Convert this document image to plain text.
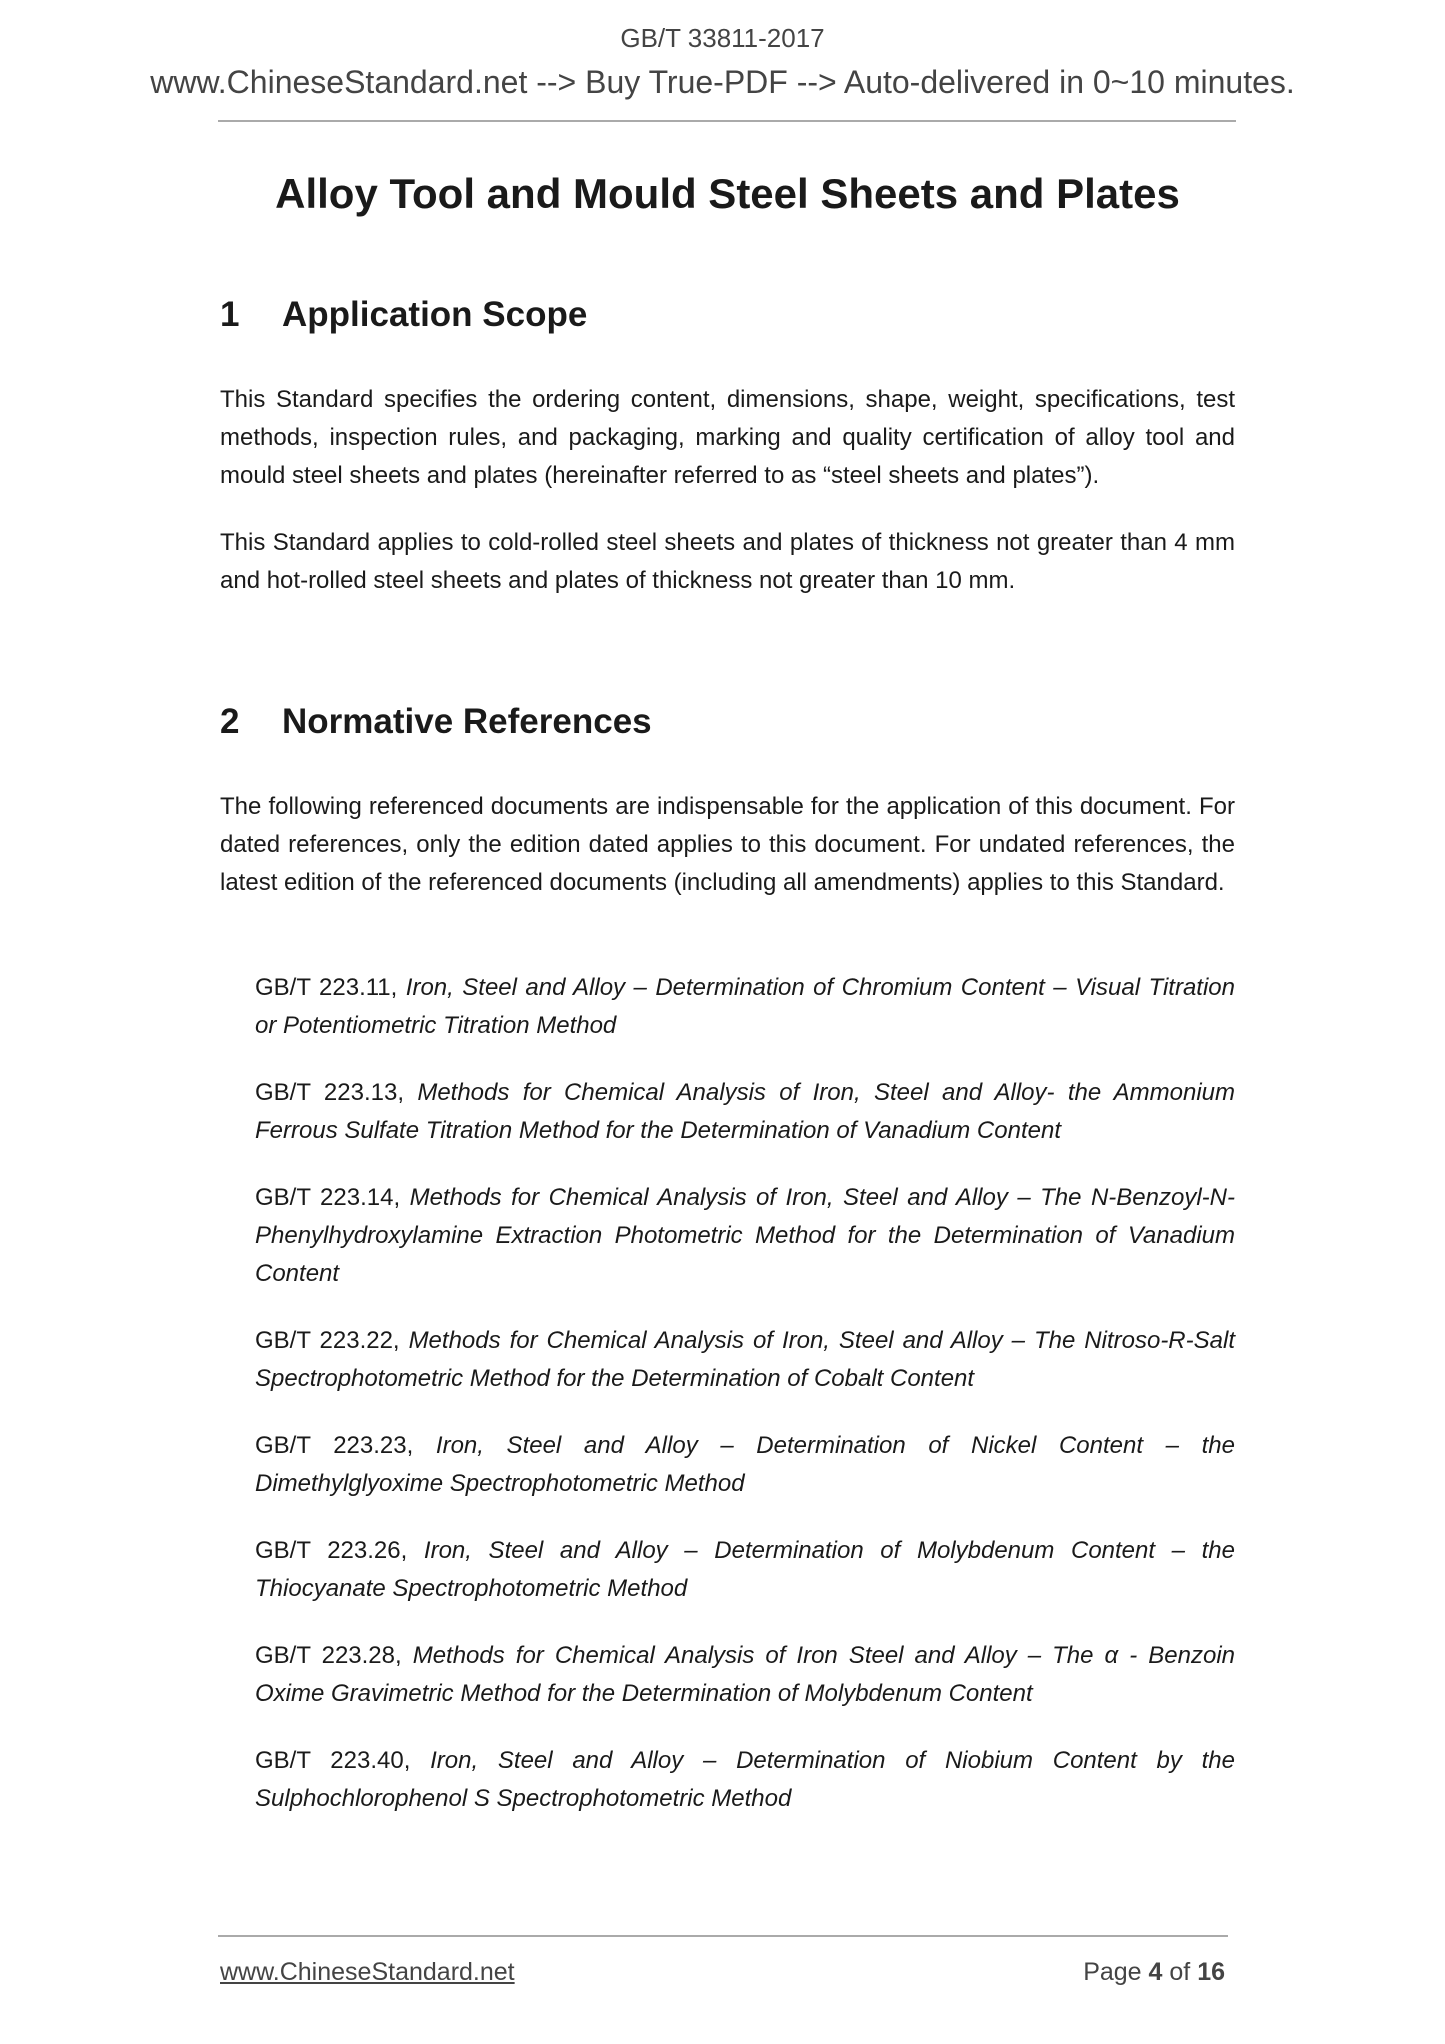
GB/T 33811-2017
www.ChineseStandard.net --> Buy True-PDF --> Auto-delivered in 0~10 minutes.
Alloy Tool and Mould Steel Sheets and Plates
1 Application Scope

This Standard specifies the ordering content, dimensions, shape, weight, specifications, test methods, inspection rules, and packaging, marking and quality certification of alloy tool and mould steel sheets and plates (hereinafter referred to as “steel sheets and plates”).

This Standard applies to cold-rolled steel sheets and plates of thickness not greater than 4 mm and hot-rolled steel sheets and plates of thickness not greater than 10 mm.

2 Normative References

The following referenced documents are indispensable for the application of this document. For dated references, only the edition dated applies to this document. For undated references, the latest edition of the referenced documents (including all amendments) applies to this Standard.

GB/T 223.11, Iron, Steel and Alloy – Determination of Chromium Content – Visual Titration or Potentiometric Titration Method

GB/T 223.13, Methods for Chemical Analysis of Iron, Steel and Alloy- the Ammonium Ferrous Sulfate Titration Method for the Determination of Vanadium Content

GB/T 223.14, Methods for Chemical Analysis of Iron, Steel and Alloy – The N-Benzoyl-N-Phenylhydroxylamine Extraction Photometric Method for the Determination of Vanadium Content

GB/T 223.22, Methods for Chemical Analysis of Iron, Steel and Alloy – The Nitroso-R-Salt Spectrophotometric Method for the Determination of Cobalt Content

GB/T 223.23, Iron, Steel and Alloy – Determination of Nickel Content – the Dimethylglyoxime Spectrophotometric Method

GB/T 223.26, Iron, Steel and Alloy – Determination of Molybdenum Content – the Thiocyanate Spectrophotometric Method

GB/T 223.28, Methods for Chemical Analysis of Iron Steel and Alloy – The α - Benzoin Oxime Gravimetric Method for the Determination of Molybdenum Content

GB/T 223.40, Iron, Steel and Alloy – Determination of Niobium Content by the Sulphochlorophenol S Spectrophotometric Method

www.ChineseStandard.net	Page 4 of 16
